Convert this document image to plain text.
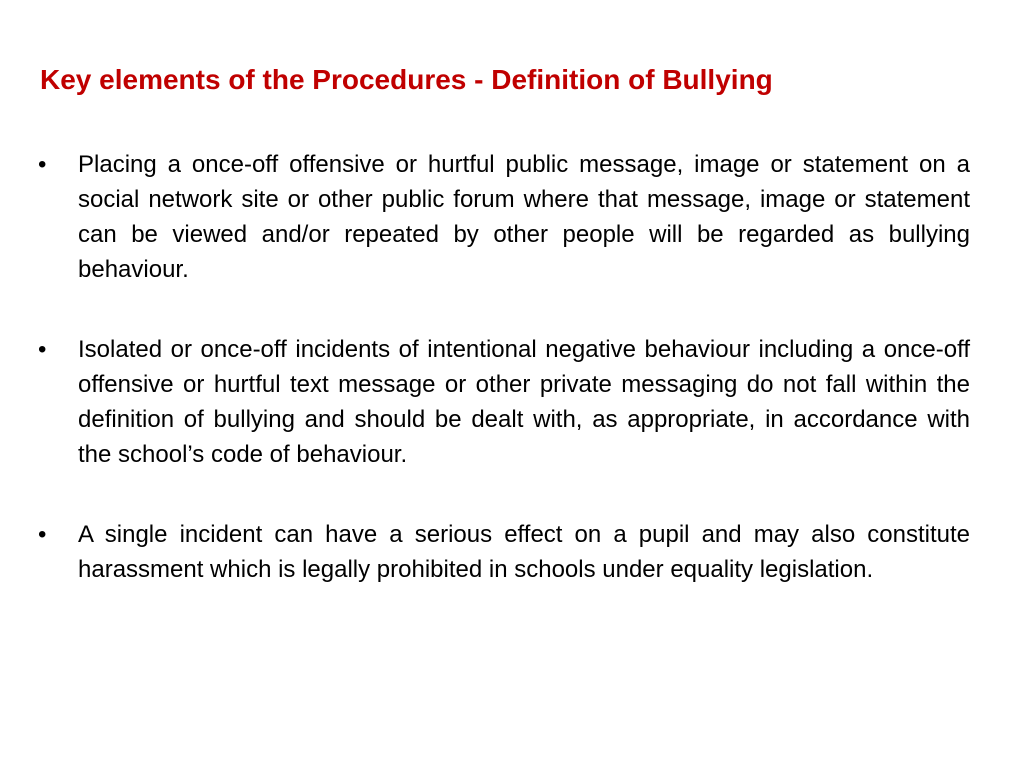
Key elements of the Procedures - Definition of Bullying
•	Placing a once-off offensive or hurtful public message, image or statement on a social network site or other public forum where that message, image or statement can be viewed and/or repeated by other people will be regarded as bullying behaviour.
•	Isolated or once-off incidents of intentional negative behaviour including a once-off offensive or hurtful text message or other private messaging do not fall within the definition of bullying and should be dealt with, as appropriate, in accordance with the school’s code of behaviour.
•	A single incident can have a serious effect on a pupil and may also constitute harassment which is legally prohibited in schools under equality legislation.
